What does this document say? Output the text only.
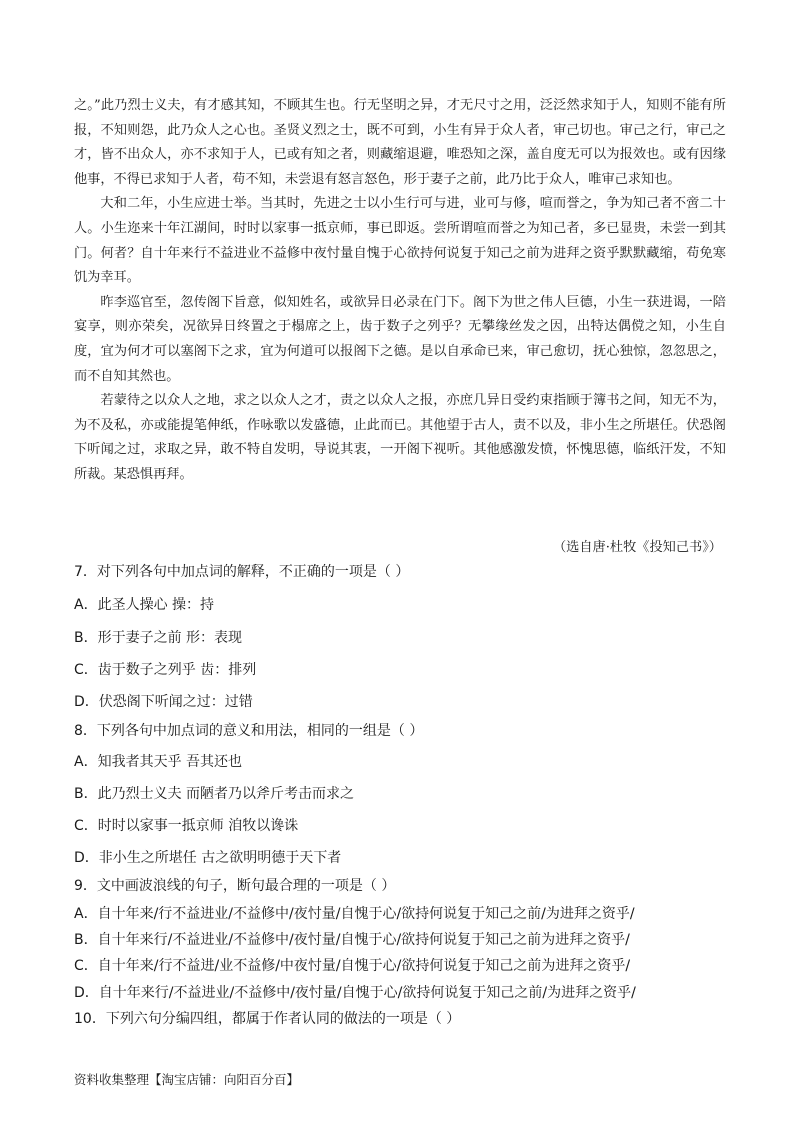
之。”此乃烈士义夫，有才感其知，不顾其生也。行无坚明之异，才无尺寸之用，泛泛然求知于人，知则不能有所报，不知则怨，此乃众人之心也。圣贤义烈之士，既不可到，小生有异于众人者，审己切也。审己之行，审己之才，皆不出众人，亦不求知于人，已或有知之者，则藏缩退避，唯恐知之深，盖自度无可以为报效也。或有因缘他事，不得已求知于人者，苟不知，未尝退有怒言怒色，形于妻子之前，此乃比于众人，唯审己求知也。

大和二年，小生应进士举。当其时，先进之士以小生行可与进，业可与修，喧而誉之，争为知己者不啻二十人。小生迩来十年江湖间，时时以家事一抵京师，事已即返。尝所谓喧而誉之为知己者，多已显贵，未尝一到其门。何者？自十年来行不益进业不益修中夜忖量自愧于心欲持何说复于知己之前为进拜之资乎默默藏缩，苟免寒饥为幸耳。

昨李巡官至，忽传阁下旨意，似知姓名，或欲异日必录在门下。阁下为世之伟人巨德，小生一获进谒，一陪宴享，则亦荣矣，况欲异日终置之于榻席之上，齿于数子之列乎？无攀缘丝发之因，出特达偶傥之知，小生自度，宜为何才可以塞阁下之求，宜为何道可以报阁下之德。是以自承命已来，审己愈切，抚心独惊，忽忽思之，而不自知其然也。

若蒙待之以众人之地，求之以众人之才，责之以众人之报，亦庶几异日受约束指顾于簿书之间，知无不为，为不及私，亦或能提笔伸纸，作咏歌以发盛德，止此而已。其他望于古人，责不以及，非小生之所堪任。伏恐阁下听闻之过，求取之异，敢不特自发明，导说其衷，一开阁下视听。其他感激发愤，怀愧思德，临纸汗发，不知所裁。某恐惧再拜。

（选自唐·杜牧《投知己书》）
7．对下列各句中加点词的解释，不正确的一项是（ ）
A．此圣人操心 操：持
B．形于妻子之前 形：表现
C．齿于数子之列乎 齿：排列
D．伏恐阁下听闻之过：过错
8．下列各句中加点词的意义和用法，相同的一组是（ ）
A．知我者其天乎 吾其还也
B．此乃烈士义夫 而陋者乃以斧斤考击而求之
C．时时以家事一抵京师 洎牧以谗诛
D．非小生之所堪任 古之欲明明德于天下者
9．文中画波浪线的句子，断句最合理的一项是（ ）
A．自十年来/行不益进业/不益修中/夜忖量/自愧于心/欲持何说复于知己之前/为进拜之资乎/
B．自十年来行/不益进业/不益修中/夜忖量/自愧于心/欲持何说复于知己之前为进拜之资乎/
C．自十年来/行不益进/业不益修/中夜忖量/自愧于心/欲持何说复于知己之前为进拜之资乎/
D．自十年来行/不益进业/不益修中/夜忖量/自愧于心/欲持何说复于知己之前/为进拜之资乎/
10．下列六句分编四组，都属于作者认同的做法的一项是（ ）
资料收集整理【淘宝店铺：向阳百分百】
